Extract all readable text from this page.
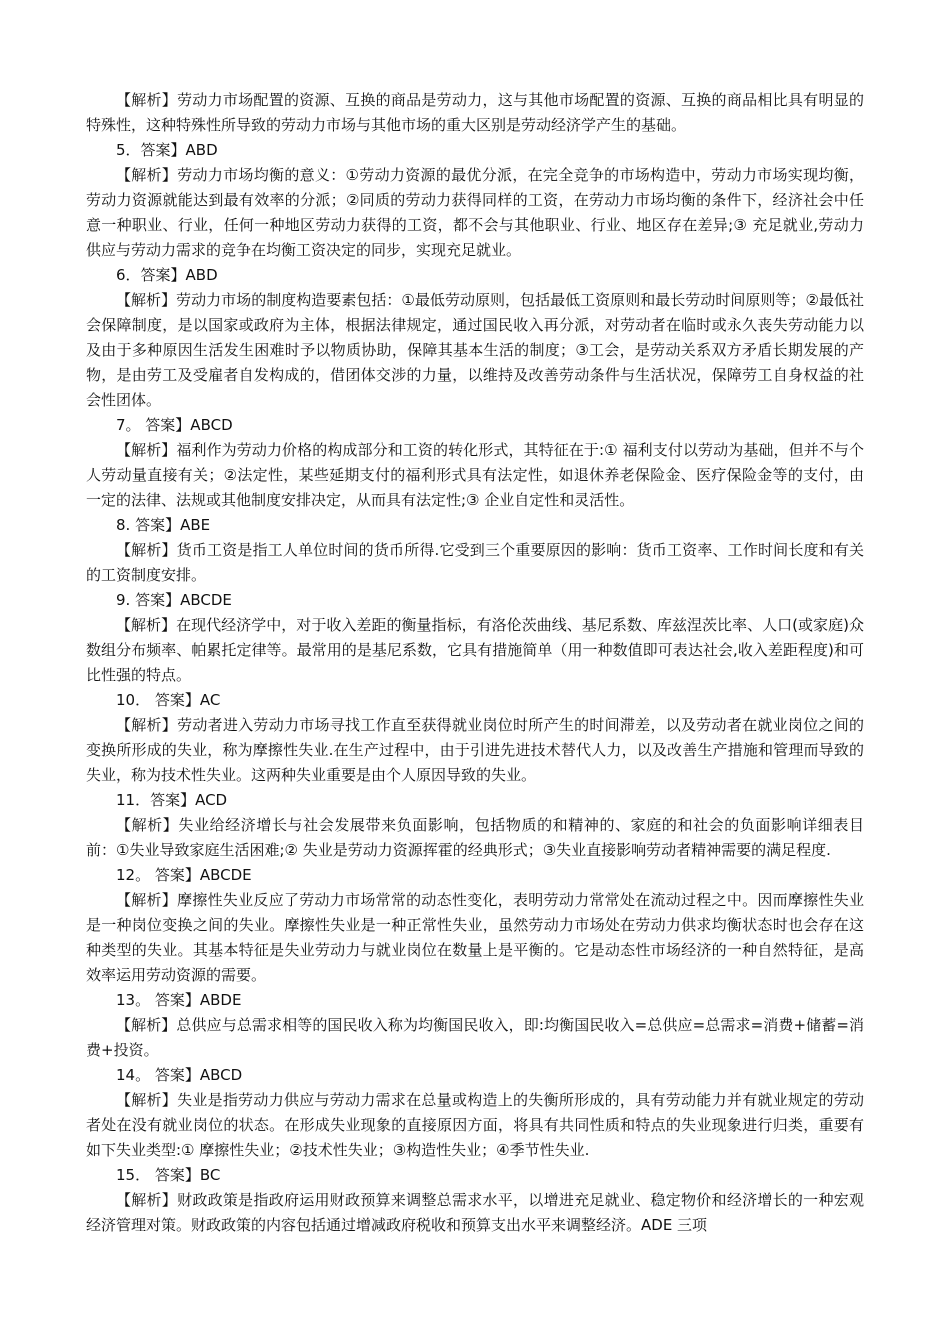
【解析】劳动力市场配置的资源、互换的商品是劳动力，这与其他市场配置的资源、互换的商品相比具有明显的特殊性，这种特殊性所导致的劳动力市场与其他市场的重大区别是劳动经济学产生的基础。

5．答案】ABD

【解析】劳动力市场均衡的意义：①劳动力资源的最优分派，在完全竞争的市场构造中，劳动力市场实现均衡，劳动力资源就能达到最有效率的分派；②同质的劳动力获得同样的工资，在劳动力市场均衡的条件下，经济社会中任意一种职业、行业，任何一种地区劳动力获得的工资，都不会与其他职业、行业、地区存在差异;③ 充足就业,劳动力供应与劳动力需求的竞争在均衡工资决定的同步，实现充足就业。

6．答案】ABD

【解析】劳动力市场的制度构造要素包括：①最低劳动原则，包括最低工资原则和最长劳动时间原则等；②最低社会保障制度，是以国家或政府为主体，根据法律规定，通过国民收入再分派，对劳动者在临时或永久丧失劳动能力以及由于多种原因生活发生困难时予以物质协助，保障其基本生活的制度；③工会，是劳动关系双方矛盾长期发展的产物，是由劳工及受雇者自发构成的，借团体交涉的力量，以维持及改善劳动条件与生活状况，保障劳工自身权益的社会性团体。

7。 答案】ABCD

【解析】福利作为劳动力价格的构成部分和工资的转化形式，其特征在于:① 福利支付以劳动为基础，但并不与个人劳动量直接有关；②法定性，某些延期支付的福利形式具有法定性，如退休养老保险金、医疗保险金等的支付，由一定的法律、法规或其他制度安排决定，从而具有法定性;③ 企业自定性和灵活性。

8. 答案】ABE

【解析】货币工资是指工人单位时间的货币所得.它受到三个重要原因的影响：货币工资率、工作时间长度和有关的工资制度安排。

9. 答案】ABCDE

【解析】在现代经济学中，对于收入差距的衡量指标，有洛伦茨曲线、基尼系数、库兹涅茨比率、人口(或家庭)众数组分布频率、帕累托定律等。最常用的是基尼系数，它具有措施简单（用一种数值即可表达社会,收入差距程度)和可比性强的特点。

10． 答案】AC

【解析】劳动者进入劳动力市场寻找工作直至获得就业岗位时所产生的时间滞差，以及劳动者在就业岗位之间的变换所形成的失业，称为摩擦性失业.在生产过程中，由于引进先进技术替代人力，以及改善生产措施和管理而导致的失业，称为技术性失业。这两种失业重要是由个人原因导致的失业。

11．答案】ACD

【解析】失业给经济增长与社会发展带来负面影响，包括物质的和精神的、家庭的和社会的负面影响详细表目前：①失业导致家庭生活困难;② 失业是劳动力资源挥霍的经典形式；③失业直接影响劳动者精神需要的满足程度.

12。 答案】ABCDE

【解析】摩擦性失业反应了劳动力市场常常的动态性变化，表明劳动力常常处在流动过程之中。因而摩擦性失业是一种岗位变换之间的失业。摩擦性失业是一种正常性失业，虽然劳动力市场处在劳动力供求均衡状态时也会存在这种类型的失业。其基本特征是失业劳动力与就业岗位在数量上是平衡的。它是动态性市场经济的一种自然特征，是高效率运用劳动资源的需要。

13。 答案】ABDE

【解析】总供应与总需求相等的国民收入称为均衡国民收入，即:均衡国民收入=总供应=总需求=消费+储蓄=消费+投资。

14。 答案】ABCD

【解析】失业是指劳动力供应与劳动力需求在总量或构造上的失衡所形成的，具有劳动能力并有就业规定的劳动者处在没有就业岗位的状态。在形成失业现象的直接原因方面，将具有共同性质和特点的失业现象进行归类，重要有如下失业类型:① 摩擦性失业；②技术性失业；③构造性失业；④季节性失业.

15． 答案】BC

【解析】财政政策是指政府运用财政预算来调整总需求水平，以增进充足就业、稳定物价和经济增长的一种宏观经济管理对策。财政政策的内容包括通过增减政府税收和预算支出水平来调整经济。ADE 三项
